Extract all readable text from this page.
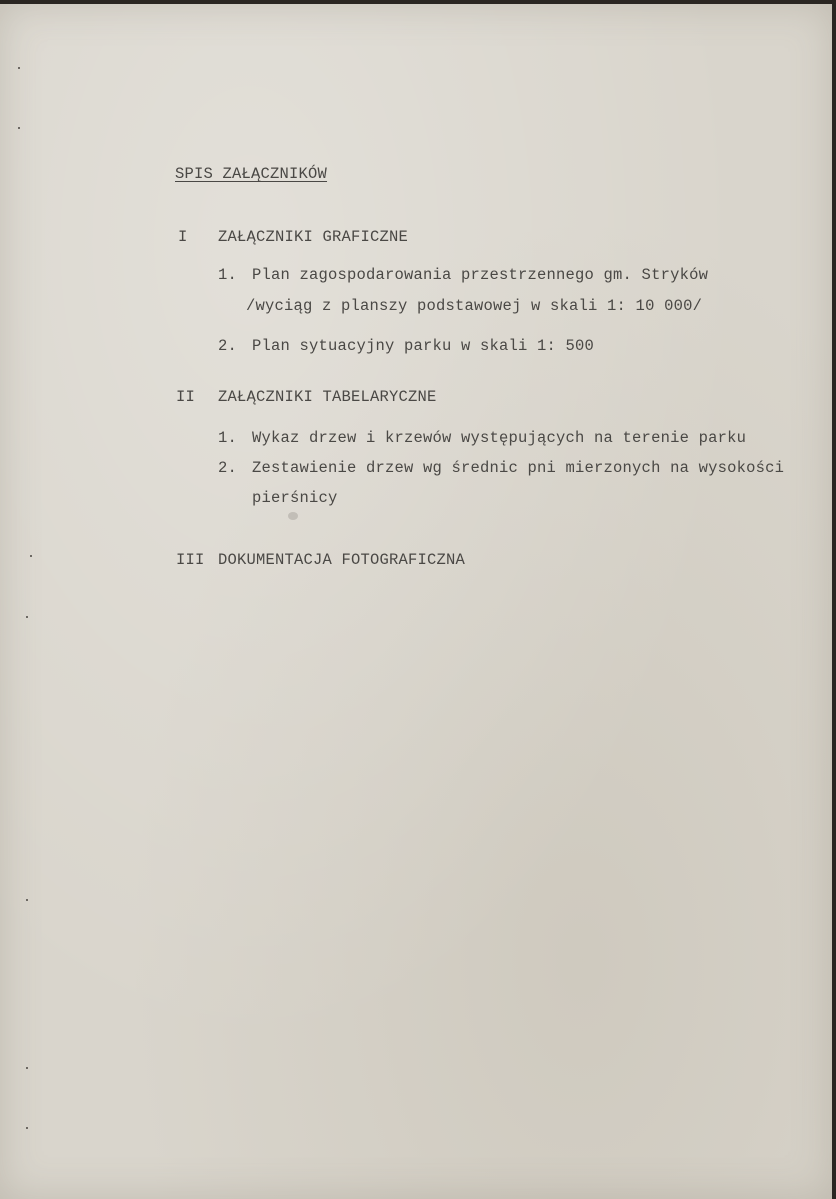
SPIS ZAŁĄCZNIKÓW
I ZAŁĄCZNIKI GRAFICZNE
1. Plan zagospodarowania przestrzennego gm. Stryków
/wyciąg z planszy podstawowej w skali 1: 10 000/
2. Plan sytuacyjny parku w skali 1: 500
II ZAŁĄCZNIKI TABELARYCZNE
1. Wykaz drzew i krzewów występujących na terenie parku
2. Zestawienie drzew wg średnic pni mierzonych na wysokości
pierśnicy
III DOKUMENTACJA FOTOGRAFICZNA
